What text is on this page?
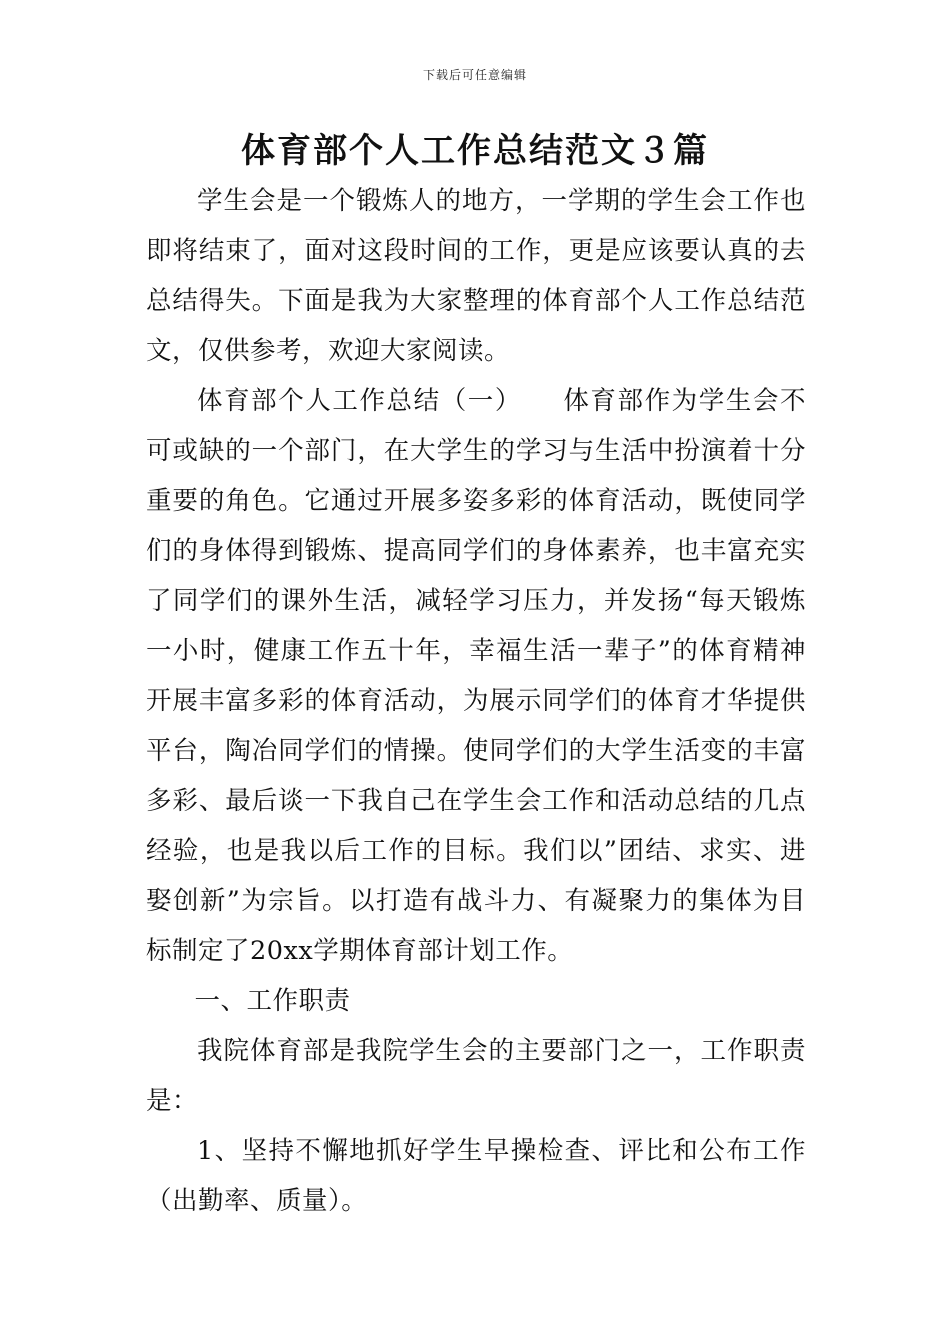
下载后可任意编辑
体育部个人工作总结范文３篇

学生会是一个锻炼人的地方，一学期的学生会工作也即将结束了，面对这段时间的工作，更是应该要认真的去总结得失。下面是我为大家整理的体育部个人工作总结范文，仅供参考，欢迎大家阅读。

体育部个人工作总结（一）　　体育部作为学生会不可或缺的一个部门，在大学生的学习与生活中扮演着十分重要的角色。它通过开展多姿多彩的体育活动，既使同学们的身体得到锻炼、提高同学们的身体素养，也丰富充实了同学们的课外生活，减轻学习压力，并发扬“每天锻炼一小时，健康工作五十年，幸福生活一辈子”的体育精神开展丰富多彩的体育活动，为展示同学们的体育才华提供平台，陶冶同学们的情操。使同学们的大学生活变的丰富多彩、最后谈一下我自己在学生会工作和活动总结的几点经验，也是我以后工作的目标。我们以”团结、求实、进娶创新”为宗旨。以打造有战斗力、有凝聚力的集体为目标制定了20xx学期体育部计划工作。

一、工作职责

我院体育部是我院学生会的主要部门之一，工作职责是：

1、坚持不懈地抓好学生早操检查、评比和公布工作（出勤率、质量）。
